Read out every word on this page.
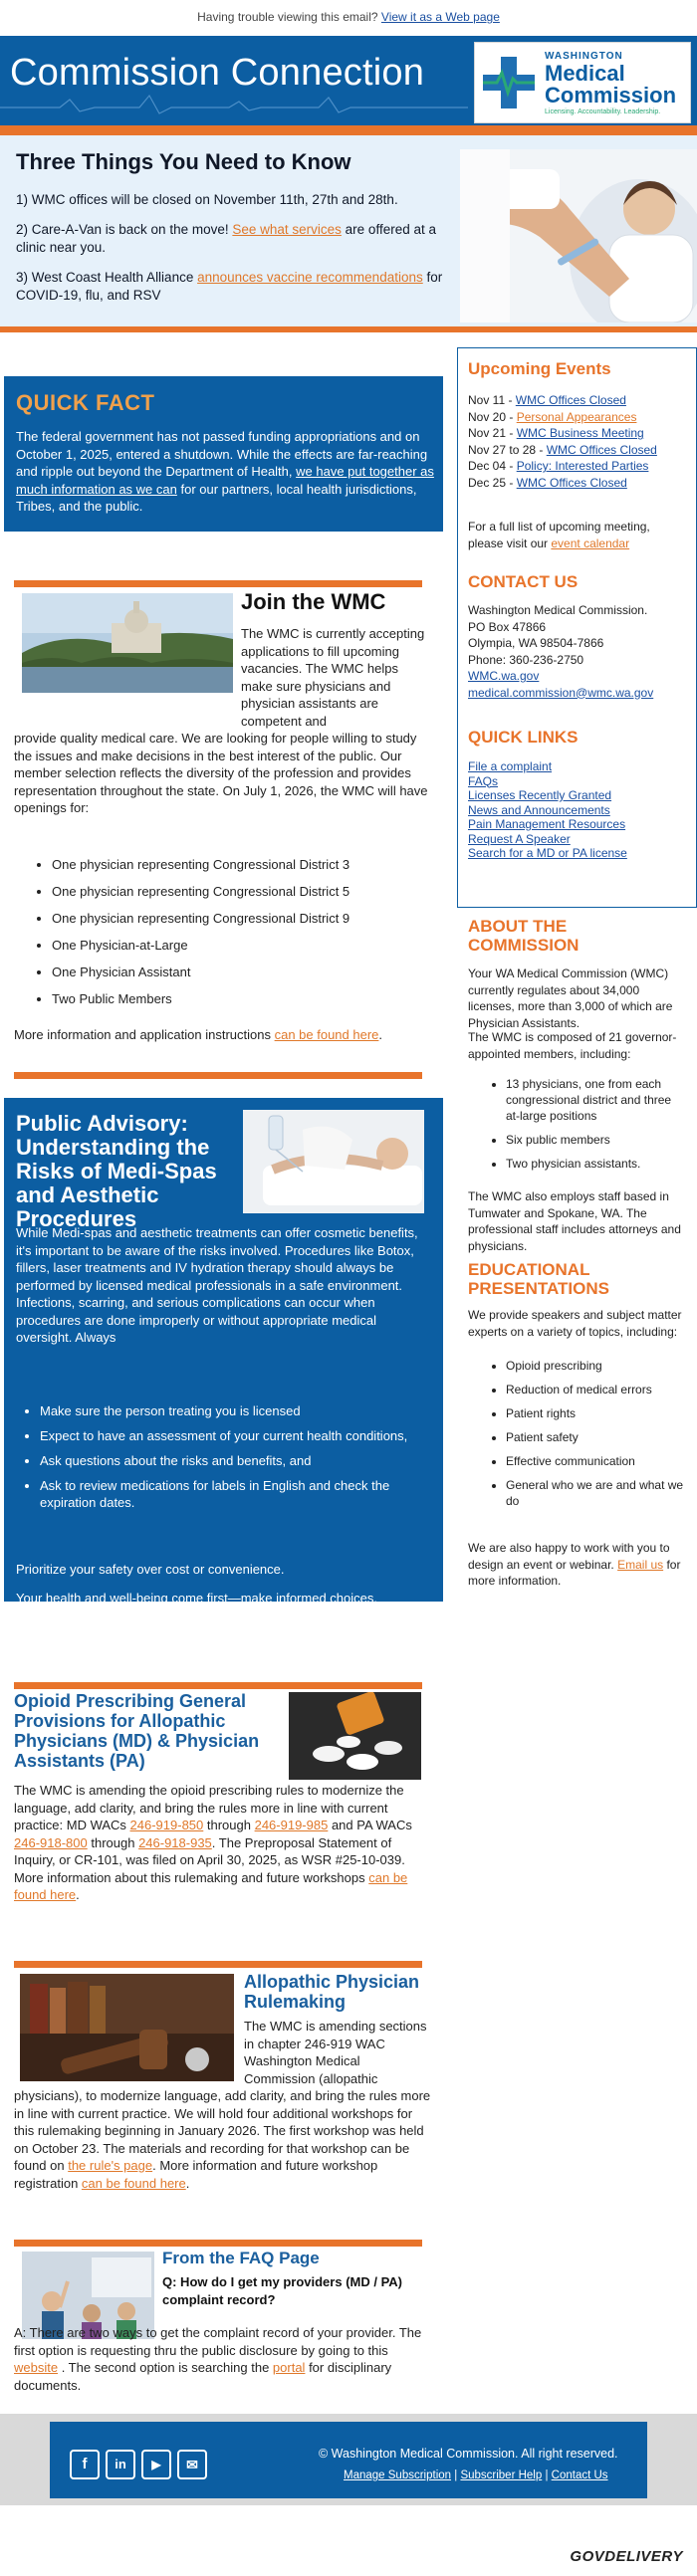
Having trouble viewing this email? View it as a Web page
Commission Connection	WASHINGTON
Medical
Commission
Licensing. Accountability. Leadership.
Three Things You Need to Know

1) WMC offices will be closed on November 11th, 27th and 28th.

2) Care-A-Van is back on the move! See what services are offered at a clinic near you.

3) West Coast Health Alliance announces vaccine recommendations for COVID-19, flu, and RSV

QUICK FACT

The federal government has not passed funding appropriations and on October 1, 2025, entered a shutdown. While the effects are far-reaching and ripple out beyond the Department of Health, we have put together as much information as we can for our partners, local health jurisdictions, Tribes, and the public.

Join the WMC

The WMC is currently accepting applications to fill upcoming vacancies. The WMC helps make sure physicians and physician assistants are competent and

provide quality medical care. We are looking for people willing to study the issues and make decisions in the best interest of the public. Our member selection reflects the diversity of the profession and provides representation throughout the state. On July 1, 2026, the WMC will have openings for:

• One physician representing Congressional District 3
• One physician representing Congressional District 5
• One physician representing Congressional District 9
• One Physician-at-Large
• One Physician Assistant
• Two Public Members

More information and application instructions can be found here.

Public Advisory: Understanding the Risks of Medi-Spas and Aesthetic Procedures

While Medi-spas and aesthetic treatments can offer cosmetic benefits, it's important to be aware of the risks involved. Procedures like Botox, fillers, laser treatments and IV hydration therapy should always be performed by licensed medical professionals in a safe environment. Infections, scarring, and serious complications can occur when procedures are done improperly or without appropriate medical oversight. Always

• Make sure the person treating you is licensed
• Expect to have an assessment of your current health conditions,
• Ask questions about the risks and benefits, and
• Ask to review medications for labels in English and check the expiration dates.

Prioritize your safety over cost or convenience.

Your health and well-being come first—make informed choices.

More Information
Opioid Prescribing General Provisions for Allopathic Physicians (MD) & Physician Assistants (PA)

The WMC is amending the opioid prescribing rules to modernize the language, add clarity, and bring the rules more in line with current practice: MD WACs 246-919-850 through 246-919-985 and PA WACs 246-918-800 through 246-918-935. The Preproposal Statement of Inquiry, or CR-101, was filed on April 30, 2025, as WSR #25-10-039. More information about this rulemaking and future workshops can be found here.

Allopathic Physician Rulemaking

The WMC is amending sections in chapter 246-919 WAC Washington Medical Commission (allopathic

physicians), to modernize language, add clarity, and bring the rules more in line with current practice. We will hold four additional workshops for this rulemaking beginning in January 2026. The first workshop was held on October 23. The materials and recording for that workshop can be found on the rule's page. More information and future workshop registration can be found here.

From the FAQ Page

Q: How do I get my providers (MD / PA) complaint record?

A: There are two ways to get the complaint record of your provider. The first option is requesting thru the public disclosure by going to this website . The second option is searching the portal for disciplinary documents.

Upcoming Events
Nov 11 - WMC Offices Closed
Nov 20 - Personal Appearances
Nov 21 - WMC Business Meeting
Nov 27 to 28 - WMC Offices Closed
Dec 04 - Policy: Interested Parties
Dec 25 - WMC Offices Closed

For a full list of upcoming meeting, please visit our event calendar

CONTACT US
Washington Medical Commission.
PO Box 47866
Olympia, WA 98504-7866
Phone: 360-236-2750
WMC.wa.gov
medical.commission@wmc.wa.gov
QUICK LINKS
File a complaint
FAQs
Licenses Recently Granted
News and Announcements
Pain Management Resources
Request A Speaker
Search for a MD or PA license
ABOUT THE COMMISSION

Your WA Medical Commission (WMC) currently regulates about 34,000 licenses, more than 3,000 of which are Physician Assistants.

The WMC is composed of 21 governor-appointed members, including:

• 13 physicians, one from each congressional district and three at-large positions
• Six public members
• Two physician assistants.

The WMC also employs staff based in Tumwater and Spokane, WA. The professional staff includes attorneys and physicians.

EDUCATIONAL PRESENTATIONS

We provide speakers and subject matter experts on a variety of topics, including:

• Opioid prescribing
• Reduction of medical errors
• Patient rights
• Patient safety
• Effective communication
• General who we are and what we do

We are also happy to work with you to design an event or webinar. Email us for more information.

f	in	▶	✉

© Washington Medical Commission. All right reserved.

Manage Subscription | Subscriber Help | Contact Us

GOVDELIVERY
